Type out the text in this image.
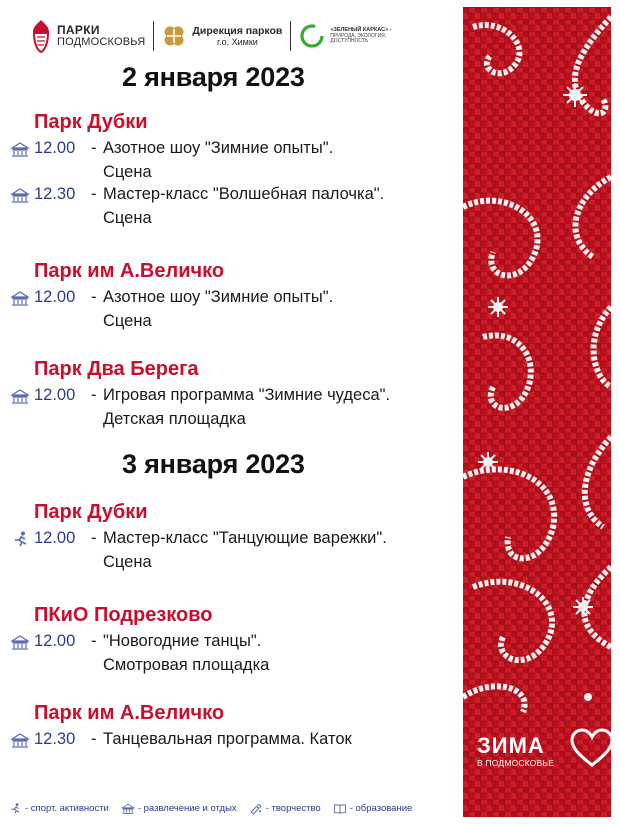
ПАРКИ
ПОДМОСКОВЬЯ
Дирекция парков
г.о. Химки
«ЗЕЛЕНЫЙ КАРКАС» -
ПРИРОДА, ЭКОЛОГИЯ,
ДОСТУПНОСТЬ
2 января 2023
Парк Дубки
12.00 - Азотное шоу "Зимние опыты".
Сцена
12.30 - Мастер-класс "Волшебная палочка".
Сцена
Парк им А.Величко
12.00 - Азотное шоу "Зимние опыты".
Сцена
Парк Два Берега
12.00 - Игровая программа "Зимние чудеса".
Детская площадка
3 января 2023
Парк Дубки
12.00 - Мастер-класс "Танцующие варежки".
Сцена
ПКиО Подрезково
12.00 - "Новогодние танцы".
Смотровая площадка
Парк им А.Величко
12.30 - Танцевальная программа. Каток	ЗИМА
В ПОДМОСКОВЬЕ
- спорт. активности	- развлечение и отдых	- творчество	- образование
